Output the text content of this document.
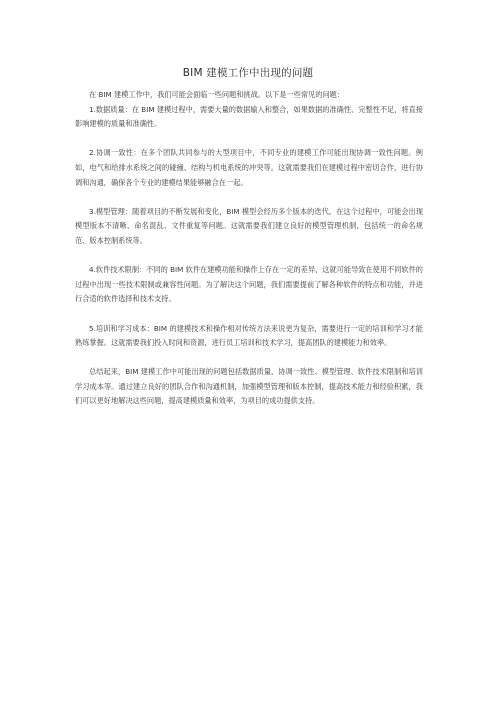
BIM 建模工作中出现的问题

在 BIM 建模工作中，我们可能会面临一些问题和挑战。以下是一些常见的问题：

1.数据质量：在 BIM 建模过程中，需要大量的数据输入和整合，如果数据的准确性、完整性不足，将直接影响建模的质量和准确性。

2.协调一致性：在多个团队共同参与的大型项目中，不同专业的建模工作可能出现协调一致性问题。例如，电气和给排水系统之间的碰撞、结构与机电系统的冲突等。这就需要我们在建模过程中密切合作，进行协调和沟通，确保各个专业的建模结果能够融合在一起。

3.模型管理：随着项目的不断发展和变化，BIM 模型会经历多个版本的迭代。在这个过程中，可能会出现模型版本不清晰、命名混乱、文件重复等问题。这就需要我们建立良好的模型管理机制，包括统一的命名规范、版本控制系统等。

4.软件技术限制：不同的 BIM 软件在建模功能和操作上存在一定的差异，这就可能导致在使用不同软件的过程中出现一些技术限制或兼容性问题。为了解决这个问题，我们需要提前了解各种软件的特点和功能，并进行合适的软件选择和技术支持。

5.培训和学习成本：BIM 的建模技术和操作相对传统方法来说更为复杂，需要进行一定的培训和学习才能熟练掌握。这就需要我们投入时间和资源，进行员工培训和技术学习，提高团队的建模能力和效率。

总结起来，BIM 建模工作中可能出现的问题包括数据质量、协调一致性、模型管理、软件技术限制和培训学习成本等。通过建立良好的团队合作和沟通机制，加强模型管理和版本控制，提高技术能力和经验积累，我们可以更好地解决这些问题，提高建模质量和效率，为项目的成功提供支持。
